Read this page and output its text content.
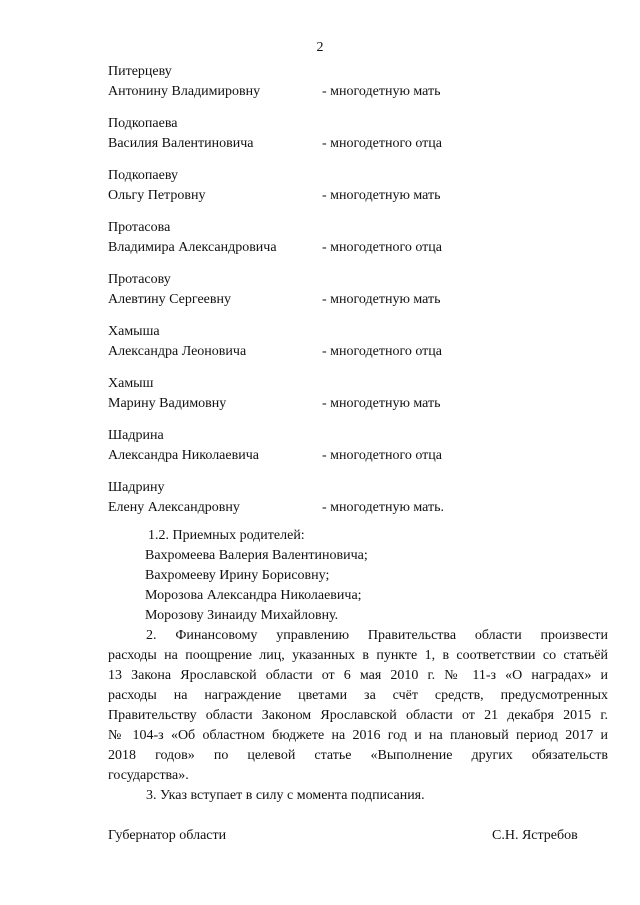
2
Питерцеву
Антонину Владимировну	- многодетную мать
Подкопаева
Василия Валентиновича	- многодетного отца
Подкопаеву
Ольгу Петровну	- многодетную мать
Протасова
Владимира Александровича	- многодетного отца
Протасову
Алевтину Сергеевну	- многодетную мать
Хамыша
Александра Леоновича	- многодетного отца
Хамыш
Марину Вадимовну	- многодетную мать
Шадрина
Александра Николаевича	- многодетного отца
Шадрину
Елену Александровну	- многодетную мать.
1.2. Приемных родителей:
Вахромеева Валерия Валентиновича;
Вахромееву Ирину Борисовну;
Морозова Александра Николаевича;
Морозову Зинаиду Михайловну.
2. Финансовому управлению Правительства области произвести
расходы на поощрение лиц, указанных в пункте 1, в соответствии со статьёй
13 Закона Ярославской области от 6 мая 2010 г. № 11-з «О наградах» и
расходы на награждение цветами за счёт средств, предусмотренных
Правительству области Законом Ярославской области от 21 декабря 2015 г.
№ 104-з «Об областном бюджете на 2016 год и на плановый период 2017 и
2018 годов» по целевой статье «Выполнение других обязательств
государства».
3. Указ вступает в силу с момента подписания.
Губернатор области	С.Н. Ястребов
